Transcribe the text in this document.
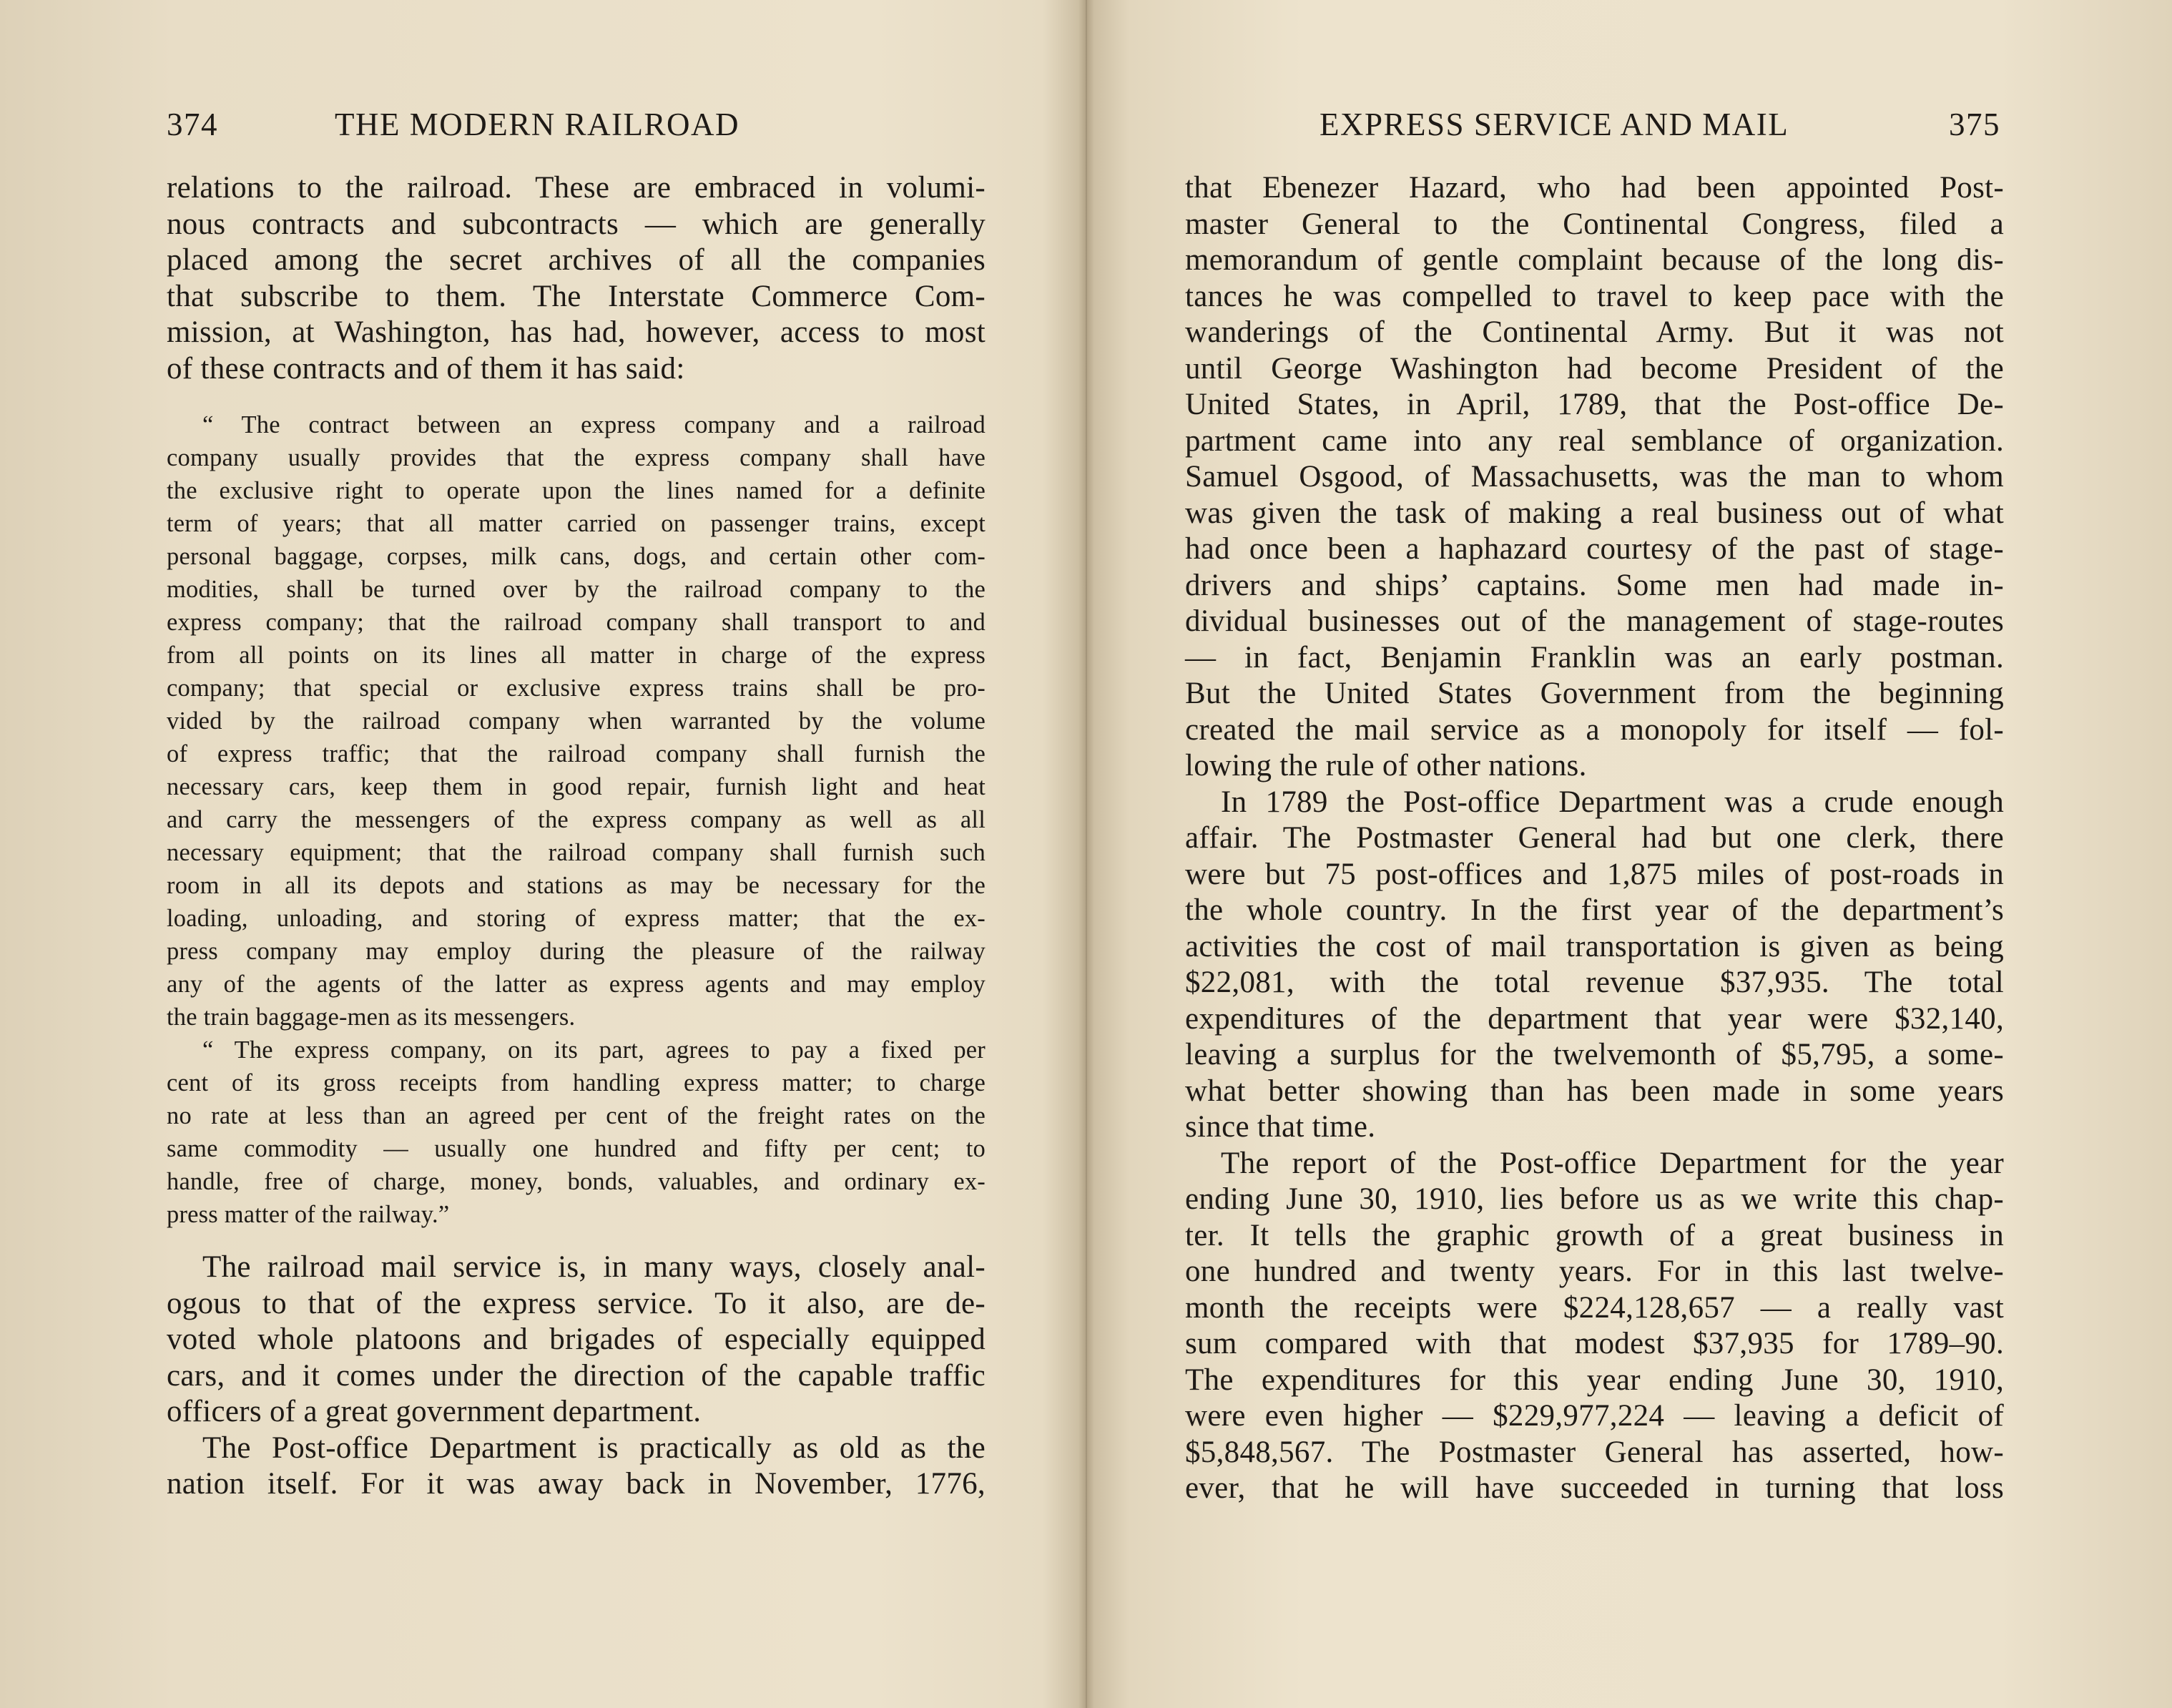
374	THE MODERN RAILROAD
relations to the railroad. These are embraced in volumi-
nous contracts and subcontracts — which are generally
placed among the secret archives of all the companies
that subscribe to them. The Interstate Commerce Com-
mission, at Washington, has had, however, access to most
of these contracts and of them it has said:
“ The contract between an express company and a railroad
company usually provides that the express company shall have
the exclusive right to operate upon the lines named for a definite
term of years; that all matter carried on passenger trains, except
personal baggage, corpses, milk cans, dogs, and certain other com-
modities, shall be turned over by the railroad company to the
express company; that the railroad company shall transport to and
from all points on its lines all matter in charge of the express
company; that special or exclusive express trains shall be pro-
vided by the railroad company when warranted by the volume
of express traffic; that the railroad company shall furnish the
necessary cars, keep them in good repair, furnish light and heat
and carry the messengers of the express company as well as all
necessary equipment; that the railroad company shall furnish such
room in all its depots and stations as may be necessary for the
loading, unloading, and storing of express matter; that the ex-
press company may employ during the pleasure of the railway
any of the agents of the latter as express agents and may employ
the train baggage-men as its messengers.
“ The express company, on its part, agrees to pay a fixed per
cent of its gross receipts from handling express matter; to charge
no rate at less than an agreed per cent of the freight rates on the
same commodity — usually one hundred and fifty per cent; to
handle, free of charge, money, bonds, valuables, and ordinary ex-
press matter of the railway.”
The railroad mail service is, in many ways, closely anal-
ogous to that of the express service. To it also, are de-
voted whole platoons and brigades of especially equipped
cars, and it comes under the direction of the capable traffic
officers of a great government department.
The Post-office Department is practically as old as the
nation itself. For it was away back in November, 1776,
EXPRESS SERVICE AND MAIL	375
that Ebenezer Hazard, who had been appointed Post-
master General to the Continental Congress, filed a
memorandum of gentle complaint because of the long dis-
tances he was compelled to travel to keep pace with the
wanderings of the Continental Army. But it was not
until George Washington had become President of the
United States, in April, 1789, that the Post-office De-
partment came into any real semblance of organization.
Samuel Osgood, of Massachusetts, was the man to whom
was given the task of making a real business out of what
had once been a haphazard courtesy of the past of stage-
drivers and ships’ captains. Some men had made in-
dividual businesses out of the management of stage-routes
— in fact, Benjamin Franklin was an early postman.
But the United States Government from the beginning
created the mail service as a monopoly for itself — fol-
lowing the rule of other nations.
In 1789 the Post-office Department was a crude enough
affair. The Postmaster General had but one clerk, there
were but 75 post-offices and 1,875 miles of post-roads in
the whole country. In the first year of the department’s
activities the cost of mail transportation is given as being
$22,081, with the total revenue $37,935. The total
expenditures of the department that year were $32,140,
leaving a surplus for the twelvemonth of $5,795, a some-
what better showing than has been made in some years
since that time.
The report of the Post-office Department for the year
ending June 30, 1910, lies before us as we write this chap-
ter. It tells the graphic growth of a great business in
one hundred and twenty years. For in this last twelve-
month the receipts were $224,128,657 — a really vast
sum compared with that modest $37,935 for 1789–90.
The expenditures for this year ending June 30, 1910,
were even higher — $229,977,224 — leaving a deficit of
$5,848,567. The Postmaster General has asserted, how-
ever, that he will have succeeded in turning that loss
